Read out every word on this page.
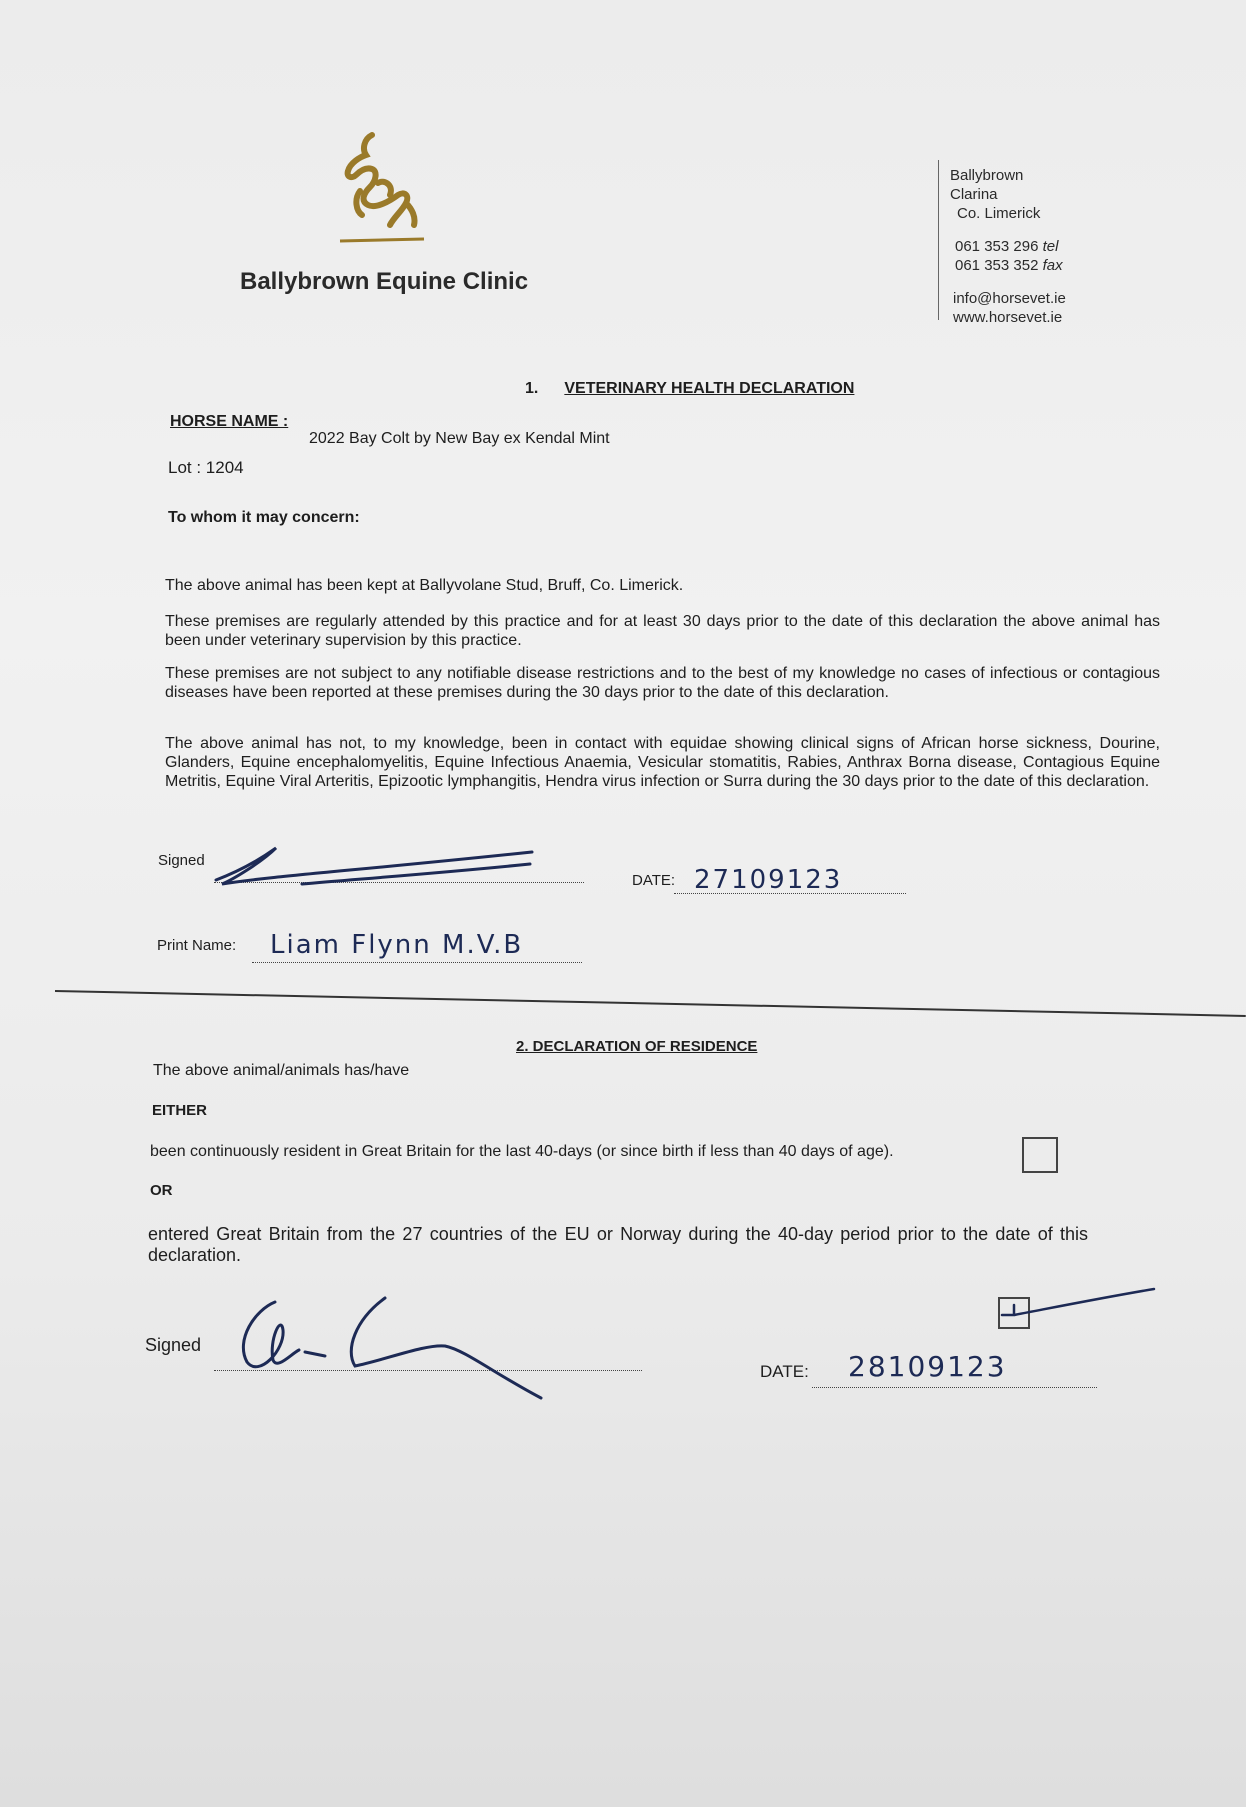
Ballybrown Equine Clinic
Ballybrown
Clarina
Co. Limerick
061 353 296 tel
061 353 352 fax
info@horsevet.ie
www.horsevet.ie
1. VETERINARY HEALTH DECLARATION
HORSE NAME :
2022 Bay Colt by New Bay ex Kendal Mint
Lot : 1204
To whom it may concern:
The above animal has been kept at Ballyvolane Stud, Bruff, Co. Limerick.
These premises are regularly attended by this practice and for at least 30 days prior to the date of this declaration the above animal has been under veterinary supervision by this practice.
These premises are not subject to any notifiable disease restrictions and to the best of my knowledge no cases of infectious or contagious diseases have been reported at these premises during the 30 days prior to the date of this declaration.
The above animal has not, to my knowledge, been in contact with equidae showing clinical signs of African horse sickness, Dourine, Glanders, Equine encephalomyelitis, Equine Infectious Anaemia, Vesicular stomatitis, Rabies, Anthrax Borna disease, Contagious Equine Metritis, Equine Viral Arteritis, Epizootic lymphangitis, Hendra virus infection or Surra during the 30 days prior to the date of this declaration.
Signed
DATE: 27109123
Print Name: Liam Flynn M.V.B
2. DECLARATION OF RESIDENCE
The above animal/animals has/have
EITHER
been continuously resident in Great Britain for the last 40-days (or since birth if less than 40 days of age).
OR
entered Great Britain from the 27 countries of the EU or Norway during the 40-day period prior to the date of this declaration.
Signed
DATE: 28109123
